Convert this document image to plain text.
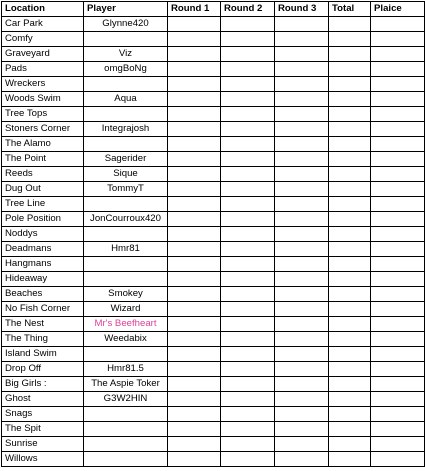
Location	Player	Round 1	Round 2	Round 3	Total	Plaice
Car Park	Glynne420					
Comfy						
Graveyard	Viz					
Pads	omgBoNg					
Wreckers						
Woods Swim	Aqua					
Tree Tops						
Stoners Corner	Integrajosh					
The Alamo						
The Point	Sagerider					
Reeds	Sique					
Dug Out	TommyT					
Tree Line						
Pole Position	JonCourroux420					
Noddys						
Deadmans	Hmr81					
Hangmans						
Hideaway						
Beaches	Smokey					
No Fish Corner	Wizard					
The Nest	Mr's Beefheart					
The Thing	Weedabix					
Island Swim						
Drop Off	Hmr81.5					
Big Girls :	The Aspie Toker					
Ghost	G3W2HIN					
Snags						
The Spit						
Sunrise						
Willows						
